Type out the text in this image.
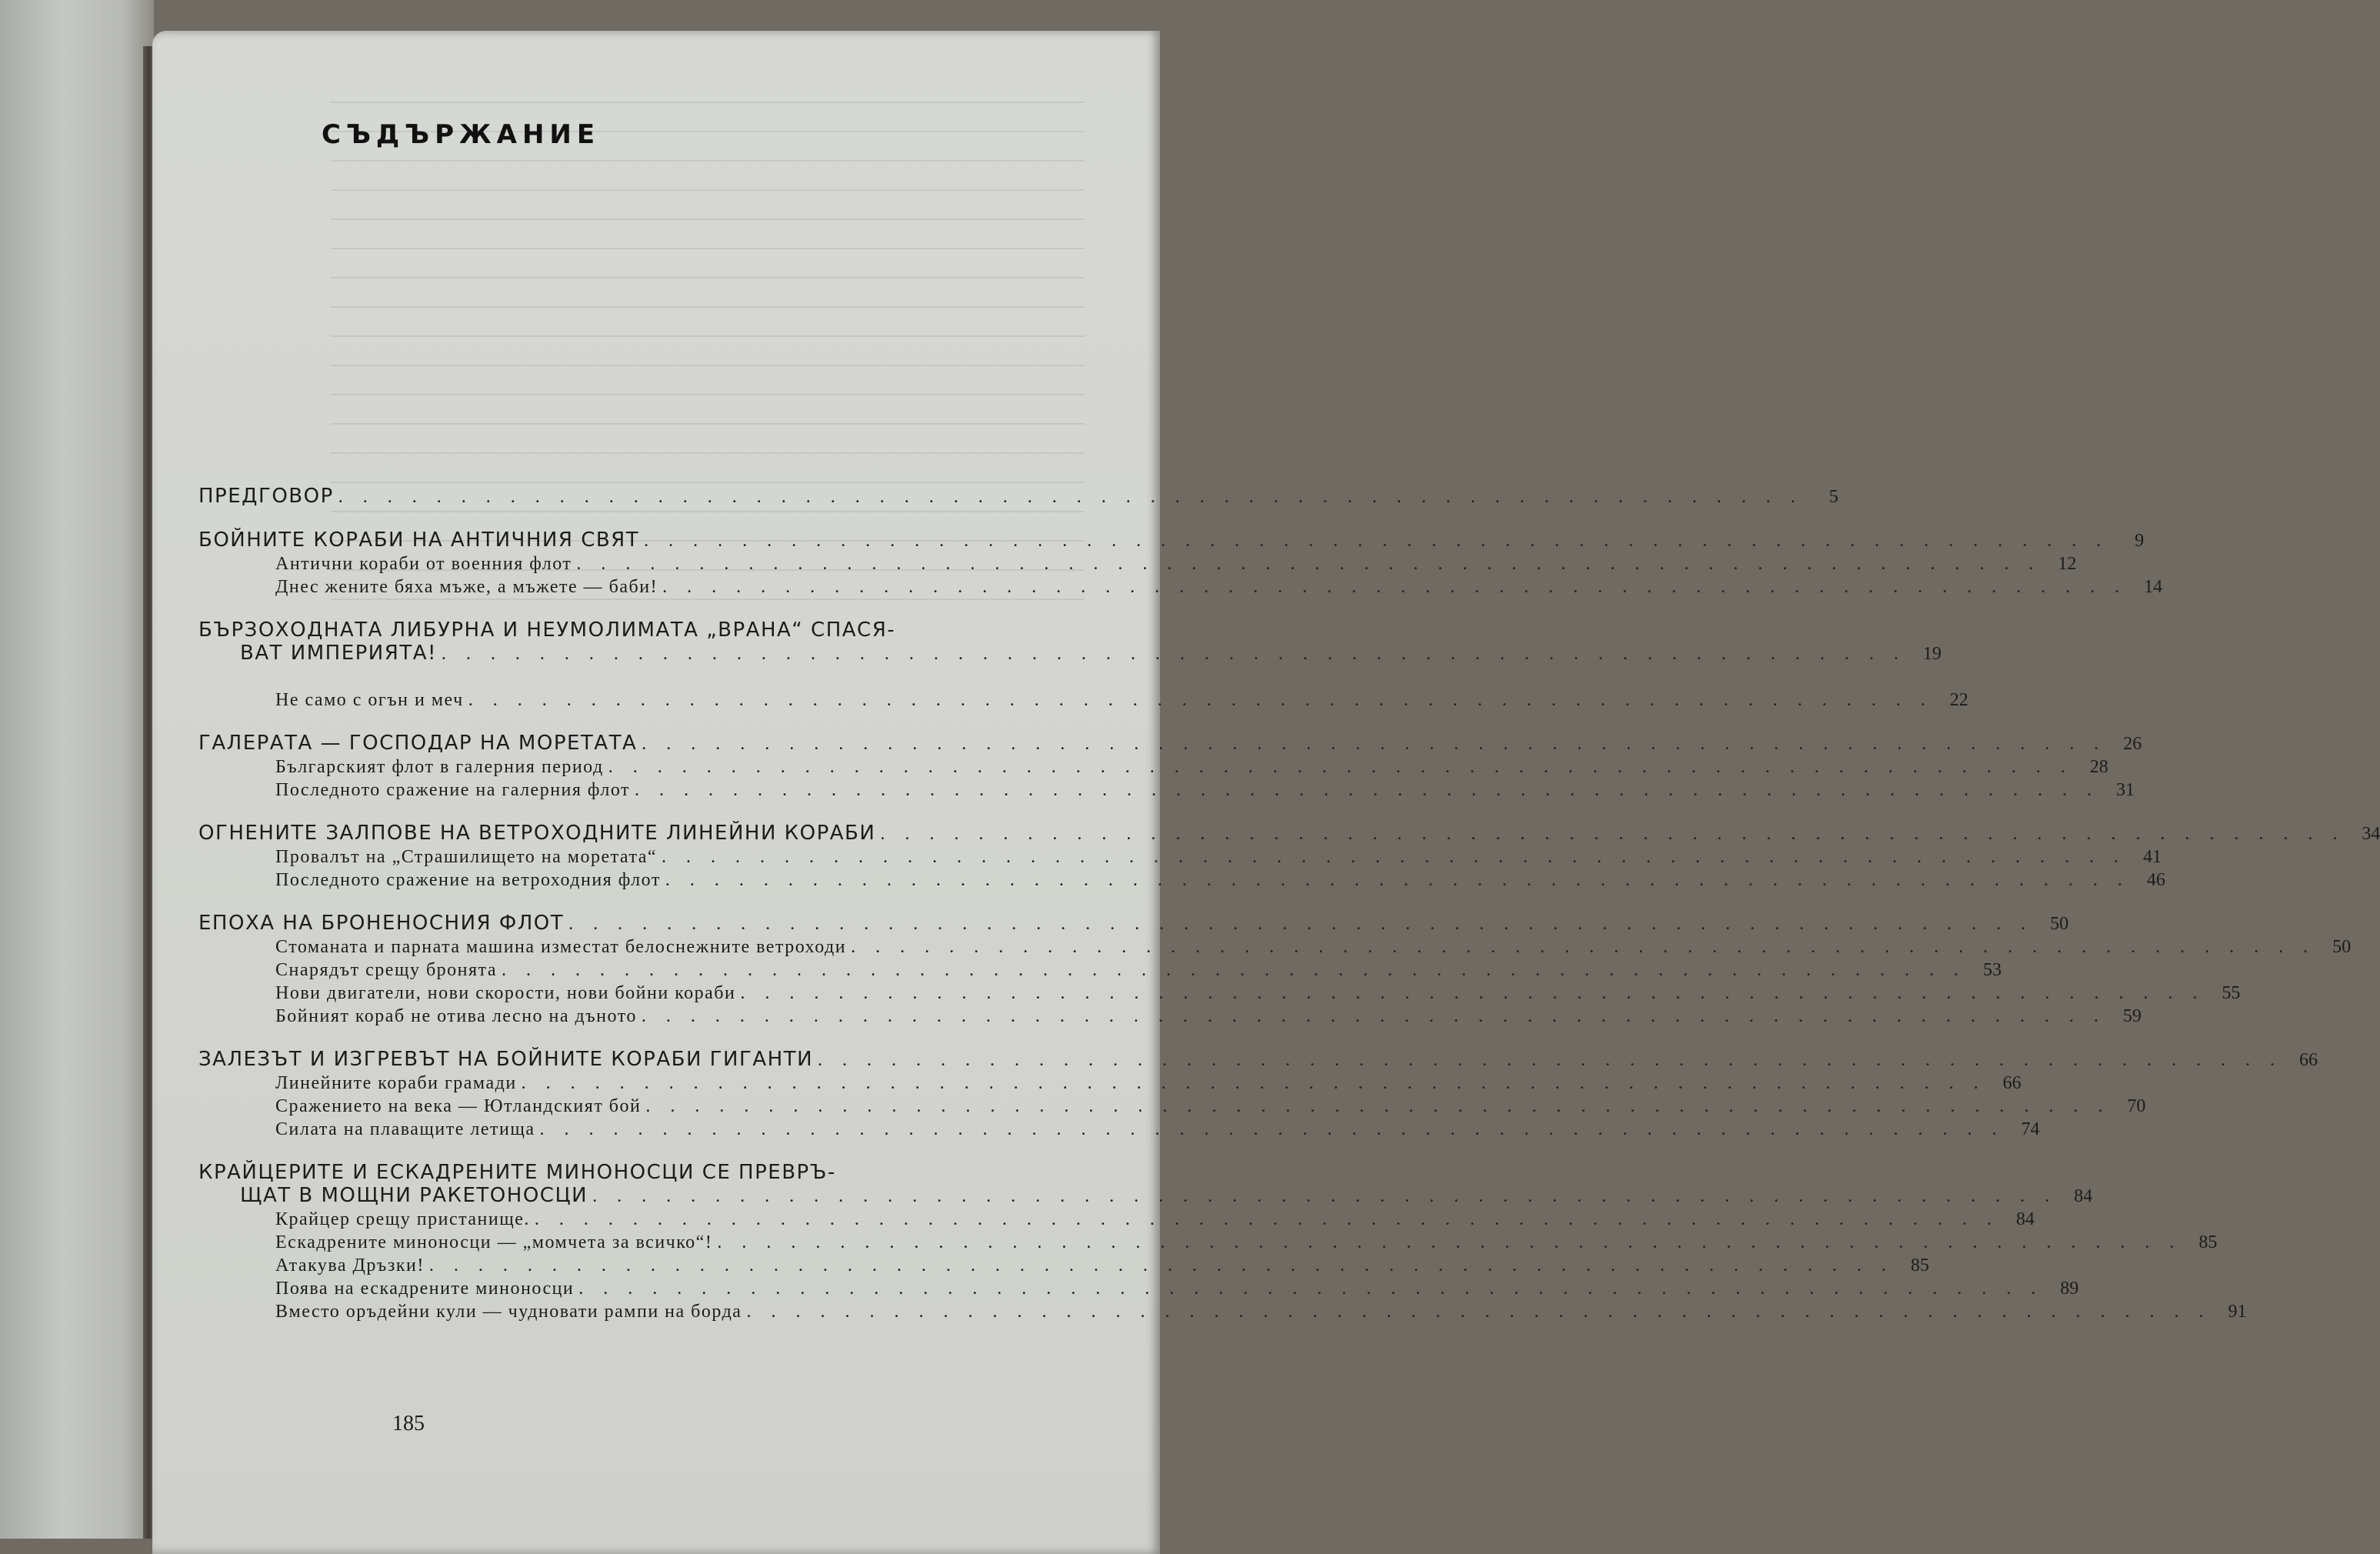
СЪДЪРЖАНИЕ
ПРЕДГОВОР . . . . . . . . . . . . . . . . . . . . . . . . . . . . . . . . . . . . . . . . . . . . . . . . . . . . . . . . . . . .	5
БОЙНИТЕ КОРАБИ НА АНТИЧНИЯ СВЯТ . . . . . . . . . . . . . . . . . . . . . . . . . . . . . . . . . . . . . . . . . . . . . . . . . . . . . . . . . . . .	9
Антични кораби от военния флот . . . . . . . . . . . . . . . . . . . . . . . . . . . . . . . . . . . . . . . . . . . . . . . . . . . . . . . . . . . . 12
Днес жените бяха мъже, а мъжете — баби! . . . . . . . . . . . . . . . . . . . . . . . . . . . . . . . . . . . . . . . . . . . . . . . . . . . . . . . . . . . . 14
БЪРЗОХОДНАТА ЛИБУРНА И НЕУМОЛИМАТА „ВРАНА“ СПАСЯ-
ВАТ ИМПЕРИЯТА! . . . . . . . . . . . . . . . . . . . . . . . . . . . . . . . . . . . . . . . . . . . . . . . . . . . . . . . . . . . . 19
Не само с огън и меч . . . . . . . . . . . . . . . . . . . . . . . . . . . . . . . . . . . . . . . . . . . . . . . . . . . . . . . . . . . . 22
ГАЛЕРАТА — ГОСПОДАР НА МОРЕТАТА . . . . . . . . . . . . . . . . . . . . . . . . . . . . . . . . . . . . . . . . . . . . . . . . . . . . . . . . . . . . 26
Българският флот в галерния период . . . . . . . . . . . . . . . . . . . . . . . . . . . . . . . . . . . . . . . . . . . . . . . . . . . . . . . . . . . . 28
Последното сражение на галерния флот . . . . . . . . . . . . . . . . . . . . . . . . . . . . . . . . . . . . . . . . . . . . . . . . . . . . . . . . . . . . 31
ОГНЕНИТЕ ЗАЛПОВЕ НА ВЕТРОХОДНИТЕ ЛИНЕЙНИ КОРАБИ . . . . . . . . . . . . . . . . . . . . . . . . . . . . . . . . . . . . . . . . . . . . . . . . . . . . . . . . . . . . 34
Провалът на „Страшилището на моретата“ . . . . . . . . . . . . . . . . . . . . . . . . . . . . . . . . . . . . . . . . . . . . . . . . . . . . . . . . . . . . 41
Последното сражение на ветроходния флот . . . . . . . . . . . . . . . . . . . . . . . . . . . . . . . . . . . . . . . . . . . . . . . . . . . . . . . . . . . . 46
ЕПОХА НА БРОНЕНОСНИЯ ФЛОТ . . . . . . . . . . . . . . . . . . . . . . . . . . . . . . . . . . . . . . . . . . . . . . . . . . . . . . . . . . . . 50
Стоманата и парната машина изместат белоснежните ветроходи . . . . . . . . . . . . . . . . . . . . . . . . . . . . . . . . . . . . . . . . . . . . . . . . . . . . . . . . . . . . 50
Снарядът срещу бронята . . . . . . . . . . . . . . . . . . . . . . . . . . . . . . . . . . . . . . . . . . . . . . . . . . . . . . . . . . . . 53
Нови двигатели, нови скорости, нови бойни кораби . . . . . . . . . . . . . . . . . . . . . . . . . . . . . . . . . . . . . . . . . . . . . . . . . . . . . . . . . . . . 55
Бойният кораб не отива лесно на дъното . . . . . . . . . . . . . . . . . . . . . . . . . . . . . . . . . . . . . . . . . . . . . . . . . . . . . . . . . . . . 59
ЗАЛЕЗЪТ И ИЗГРЕВЪТ НА БОЙНИТЕ КОРАБИ ГИГАНТИ . . . . . . . . . . . . . . . . . . . . . . . . . . . . . . . . . . . . . . . . . . . . . . . . . . . . . . . . . . . . 66
Линейните кораби грамади . . . . . . . . . . . . . . . . . . . . . . . . . . . . . . . . . . . . . . . . . . . . . . . . . . . . . . . . . . . . 66
Сражението на века — Ютландският бой . . . . . . . . . . . . . . . . . . . . . . . . . . . . . . . . . . . . . . . . . . . . . . . . . . . . . . . . . . . . 70
Силата на плаващите летища . . . . . . . . . . . . . . . . . . . . . . . . . . . . . . . . . . . . . . . . . . . . . . . . . . . . . . . . . . . . 74
КРАЙЦЕРИТЕ И ЕСКАДРЕНИТЕ МИНОНОСЦИ СЕ ПРЕВРЪ-
ЩАТ В МОЩНИ РАКЕТОНОСЦИ . . . . . . . . . . . . . . . . . . . . . . . . . . . . . . . . . . . . . . . . . . . . . . . . . . . . . . . . . . . . 84
Крайцер срещу пристанище. . . . . . . . . . . . . . . . . . . . . . . . . . . . . . . . . . . . . . . . . . . . . . . . . . . . . . . . . . . . . 84
Ескадрените миноносци — „момчета за всичко“! . . . . . . . . . . . . . . . . . . . . . . . . . . . . . . . . . . . . . . . . . . . . . . . . . . . . . . . . . . . . 85
Атакува Дръзки! . . . . . . . . . . . . . . . . . . . . . . . . . . . . . . . . . . . . . . . . . . . . . . . . . . . . . . . . . . . . 85
Поява на ескадрените миноносци . . . . . . . . . . . . . . . . . . . . . . . . . . . . . . . . . . . . . . . . . . . . . . . . . . . . . . . . . . . . 89
Вместо оръдейни кули — чудновати рампи на борда . . . . . . . . . . . . . . . . . . . . . . . . . . . . . . . . . . . . . . . . . . . . . . . . . . . . . . . . . . . . 91
185
